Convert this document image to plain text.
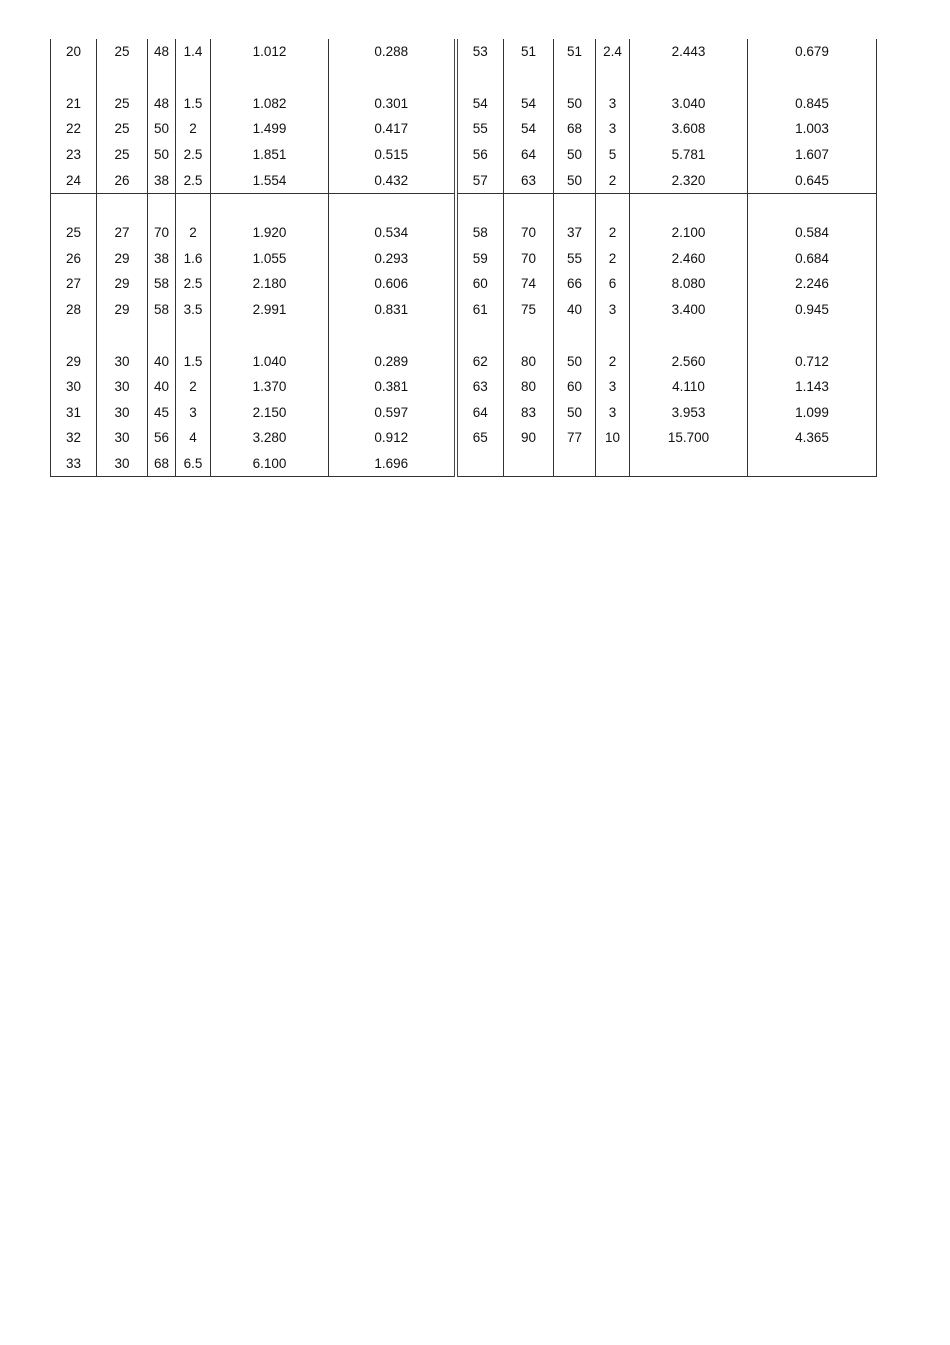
20	25	48	1.4	1.012	0.288	53	51	51	2.4	2.443	0.679

21	25	48	1.5	1.082	0.301	54	54	50	3	3.040	0.845
22	25	50	2	1.499	0.417	55	54	68	3	3.608	1.003
23	25	50	2.5	1.851	0.515	56	64	50	5	5.781	1.607
24	26	38	2.5	1.554	0.432	57	63	50	2	2.320	0.645

25	27	70	2	1.920	0.534	58	70	37	2	2.100	0.584
26	29	38	1.6	1.055	0.293	59	70	55	2	2.460	0.684
27	29	58	2.5	2.180	0.606	60	74	66	6	8.080	2.246
28	29	58	3.5	2.991	0.831	61	75	40	3	3.400	0.945

29	30	40	1.5	1.040	0.289	62	80	50	2	2.560	0.712
30	30	40	2	1.370	0.381	63	80	60	3	4.110	1.143
31	30	45	3	2.150	0.597	64	83	50	3	3.953	1.099
32	30	56	4	3.280	0.912	65	90	77	10	15.700	4.365
33	30	68	6.5	6.100	1.696						
